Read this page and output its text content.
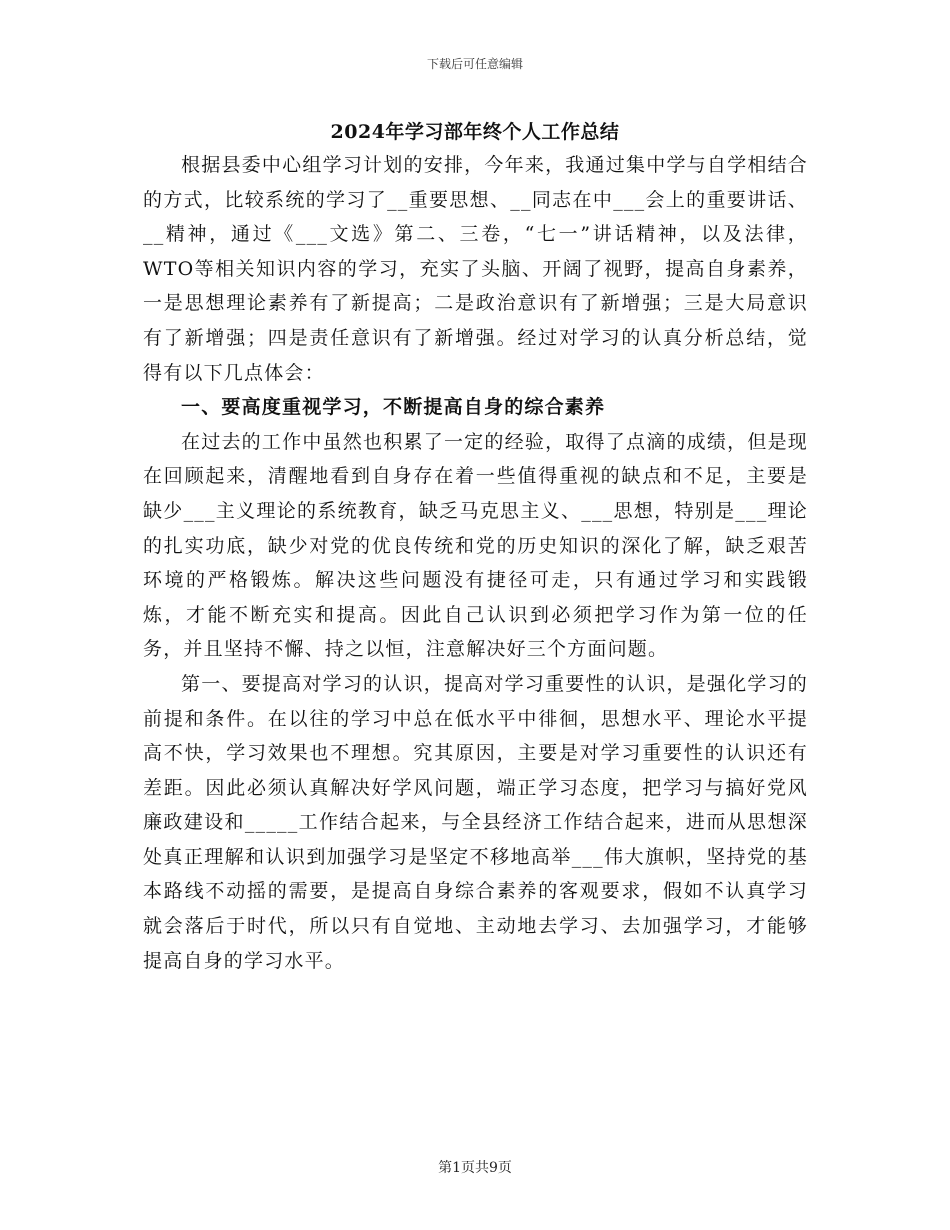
下载后可任意编辑
2024年学习部年终个人工作总结

根据县委中心组学习计划的安排，今年来，我通过集中学与自学相结合的方式，比较系统的学习了__重要思想、__同志在中___会上的重要讲话、__精神，通过《___文选》第二、三卷，“七一”讲话精神，以及法律，WTO等相关知识内容的学习，充实了头脑、开阔了视野，提高自身素养，一是思想理论素养有了新提高；二是政治意识有了新增强；三是大局意识有了新增强；四是责任意识有了新增强。经过对学习的认真分析总结，觉得有以下几点体会：

一、要高度重视学习，不断提高自身的综合素养

在过去的工作中虽然也积累了一定的经验，取得了点滴的成绩，但是现在回顾起来，清醒地看到自身存在着一些值得重视的缺点和不足，主要是缺少___主义理论的系统教育，缺乏马克思主义、___思想，特别是___理论的扎实功底，缺少对党的优良传统和党的历史知识的深化了解，缺乏艰苦环境的严格锻炼。解决这些问题没有捷径可走，只有通过学习和实践锻炼，才能不断充实和提高。因此自己认识到必须把学习作为第一位的任务，并且坚持不懈、持之以恒，注意解决好三个方面问题。

第一、要提高对学习的认识，提高对学习重要性的认识，是强化学习的前提和条件。在以往的学习中总在低水平中徘徊，思想水平、理论水平提高不快，学习效果也不理想。究其原因，主要是对学习重要性的认识还有差距。因此必须认真解决好学风问题，端正学习态度，把学习与搞好党风廉政建设和_____工作结合起来，与全县经济工作结合起来，进而从思想深处真正理解和认识到加强学习是坚定不移地高举___伟大旗帜，坚持党的基本路线不动摇的需要，是提高自身综合素养的客观要求，假如不认真学习就会落后于时代，所以只有自觉地、主动地去学习、去加强学习，才能够提高自身的学习水平。

第1页共9页
